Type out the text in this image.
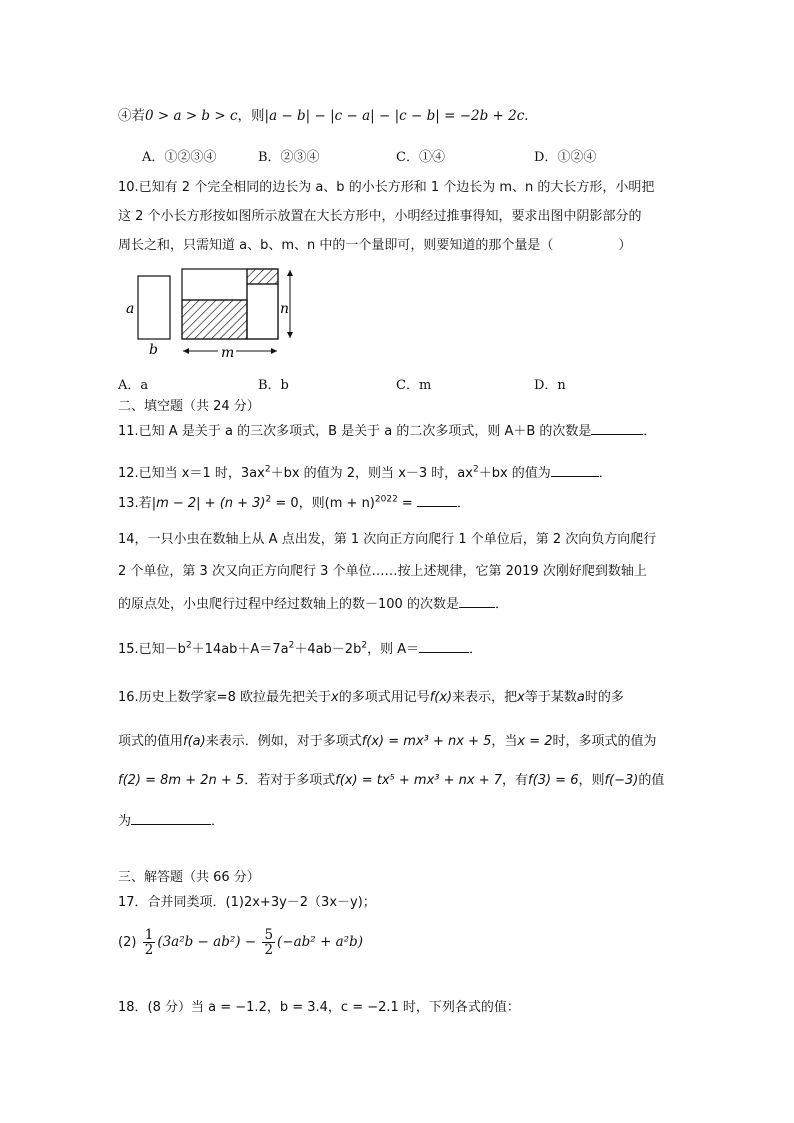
④若0 > a > b > c，则|a − b| − |c − a| − |c − b| = −2b + 2c．
A．①②③④	B．②③④	C．①④	D．①②④
10.已知有 2 个完全相同的边长为 a、b 的小长方形和 1 个边长为 m、n 的大长方形，小明把
这 2 个小长方形按如图所示放置在大长方形中，小明经过推事得知，要求出图中阴影部分的
周长之和，只需知道 a、b、m、n 中的一个量即可，则要知道的那个量是（　　　　　）
a
b
n
m
A．a	B．b	C．m	D．n
二、填空题（共 24 分）
11.已知 A 是关于 a 的三次多项式，B 是关于 a 的二次多项式，则 A＋B 的次数是	．
12.已知当 x＝1 时，$3ax^2+bx$ 的值为 2，则当 x－3 时，$ax^2+bx$ 的值为	．
13.若$|m - 2| + (n + 3)^2 = 0$，则$(m + n)^{2022}$ =	．
14，一只小虫在数轴上从 A 点出发，第 1 次向正方向爬行 1 个单位后，第 2 次向负方向爬行
2 个单位，第 3 次又向正方向爬行 3 个单位……按上述规律，它第 2019 次刚好爬到数轴上
的原点处，小虫爬行过程中经过数轴上的数－100 的次数是	．
15.已知$-b^2+14ab+A=7a^2+4ab-2b^2$，则 A＝	．
16.历史上数学家=8 欧拉最先把关于x的多项式用记号f(x)来表示，把x等于某数a时的多
项式的值用f(a)来表示．例如，对于多项式f(x) = mx³ + nx + 5，当x = 2时，多项式的值为
f(2) = 8m + 2n + 5．若对于多项式f(x) = tx⁵ + mx³ + nx + 7，有f(3) = 6，则f(−3)的值
为	．
三、解答题（共 66 分）
17．合并同类项．(1)2x+3y－2（3x－y)；
$(2) \frac{1}{2} (3a^2b - ab^2) - \frac{5}{2} (-ab^2 + a^2b)$
18．(8 分）当 a = −1.2，b = 3.4，c = −2.1 时，下列各式的值：
